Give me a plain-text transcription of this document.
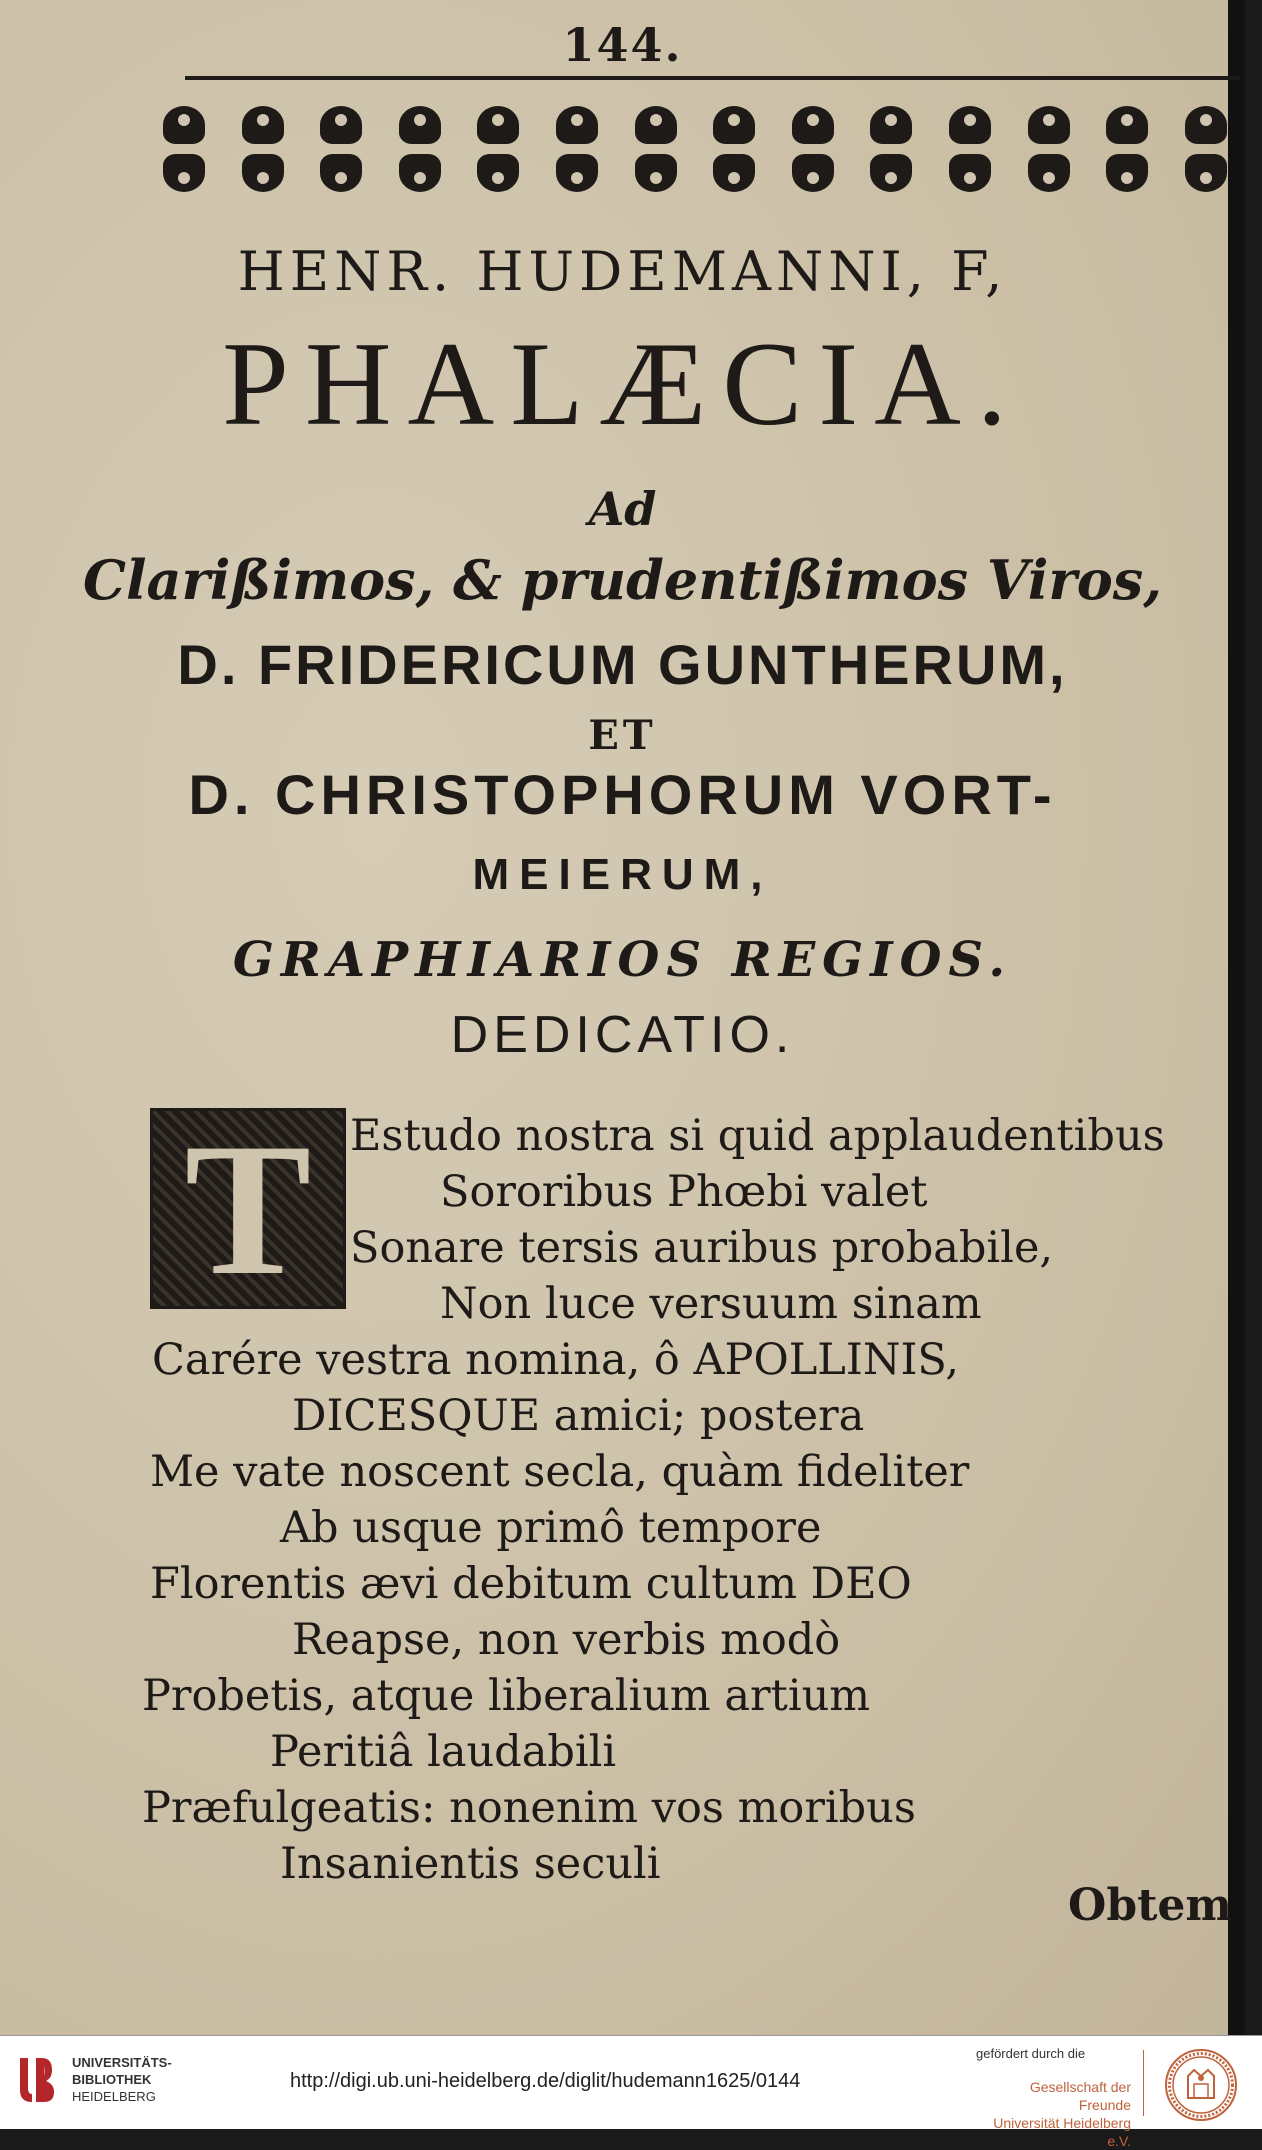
144.
HENR. HUDEMANNI, F,
PHALÆCIA.
Ad
Clarißimos, & prudentißimos Viros,
D. FRIDERICUM GUNTHERUM,
ET
D. CHRISTOPHORUM VORT-
MEIERUM,
GRAPHIARIOS REGIOS.
DEDICATIO.
T Estudo nostra si quid applaudentibus
Sororibus Phœbi valet
Sonare tersis auribus probabile,
Non luce versuum sinam
Carére vestra nomina, ô APOLLINIS,
DICESQUE amici; postera
Me vate noscent secla, quàm fideliter
Ab usque primô tempore
Florentis ævi debitum cultum DEO
Reapse, non verbis modò
Probetis, atque liberalium artium
Peritiâ laudabili
Præfulgeatis: nonenim vos moribus
Insanientis seculi
Obtem
UNIVERSITÄTS-
BIBLIOTHEK
HEIDELBERG
http://digi.ub.uni-heidelberg.de/diglit/hudemann1625/0144
gefördert durch die
Gesellschaft der Freunde
Universität Heidelberg e.V.
